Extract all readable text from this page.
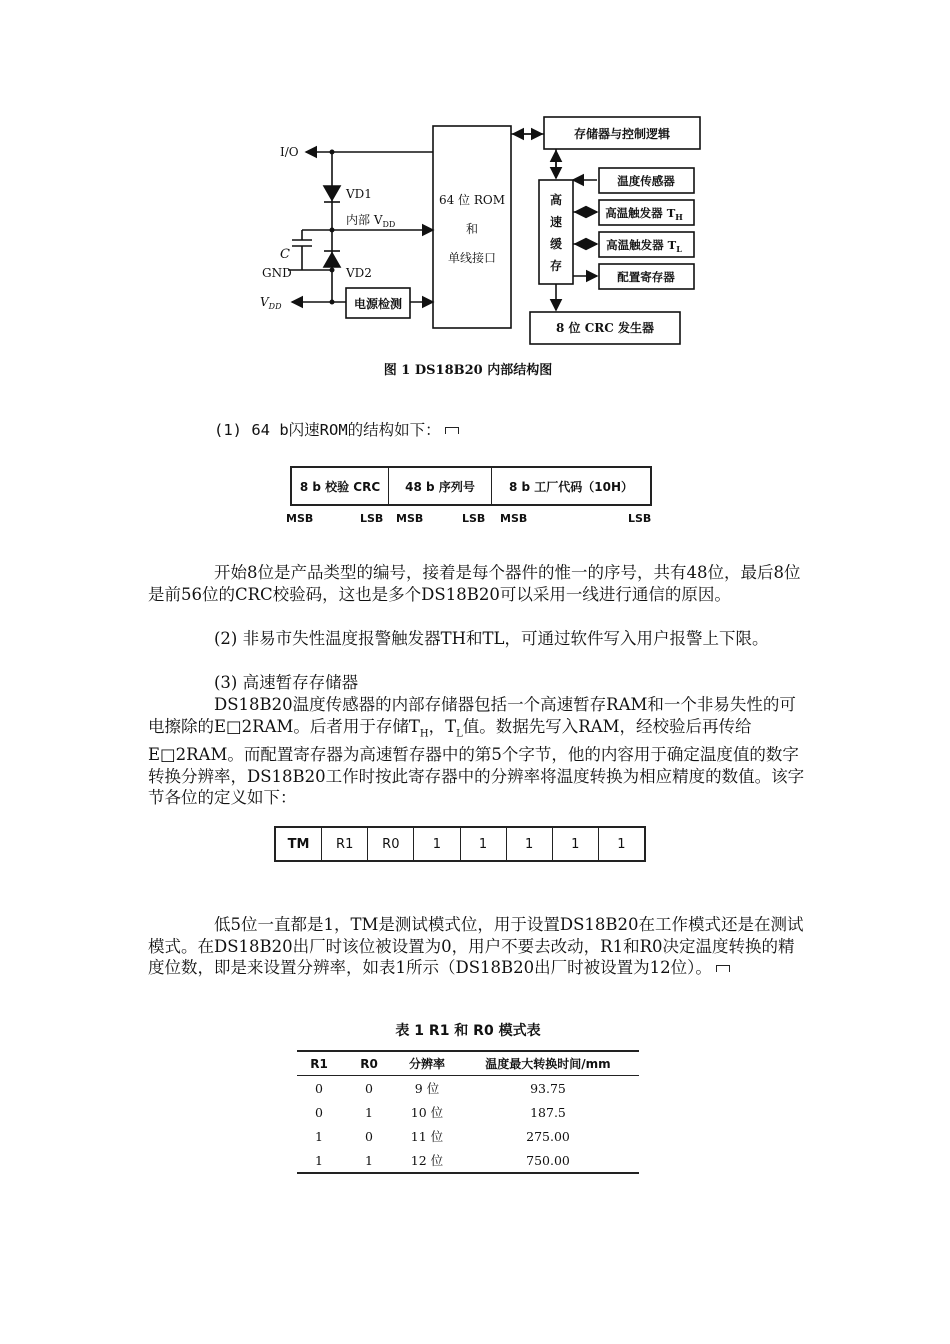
I/O
VD1
内部 $V_{DD}$
VD2
C
GND
$V_{DD}$	电源检测
64 位 ROM
和
单线接口
存储器与控制逻辑
高
速
缓
存
温度传感器
高温触发器 $T_H$
高温触发器 $T_L$
配置寄存器
8 位 CRC 发生器
图 1 DS18B20 内部结构图
(1) 64 b闪速ROM的结构如下：
8 b 校验 CRC	48 b 序列号	8 b 工厂代码（10H）
MSB	LSB MSB	LSB MSB	LSB
开始8位是产品类型的编号，接着是每个器件的惟一的序号，共有48位，最后8位是前56位的CRC校验码，这也是多个DS18B20可以采用一线进行通信的原因。
(2) 非易市失性温度报警触发器TH和TL，可通过软件写入用户报警上下限。
(3) 高速暂存存储器
DS18B20温度传感器的内部存储器包括一个高速暂存RAM和一个非易失性的可电擦除的E□2RAM。后者用于存储$T_H$，$T_L$值。数据先写入RAM，经校验后再传给E□2RAM。而配置寄存器为高速暂存器中的第5个字节，他的内容用于确定温度值的数字转换分辨率，DS18B20工作时按此寄存器中的分辨率将温度转换为相应精度的数值。该字节各位的定义如下：
TM	R1	R0	1	1	1	1	1
低5位一直都是1，TM是测试模式位，用于设置DS18B20在工作模式还是在测试模式。在DS18B20出厂时该位被设置为0，用户不要去改动，R1和R0决定温度转换的精度位数，即是来设置分辨率，如表1所示（DS18B20出厂时被设置为12位）。
表 1 R1 和 R0 模式表
R1	R0	分辨率	温度最大转换时间/mm
0	0	9 位	93.75
0	1	10 位	187.5
1	0	11 位	275.00
1	1	12 位	750.00
